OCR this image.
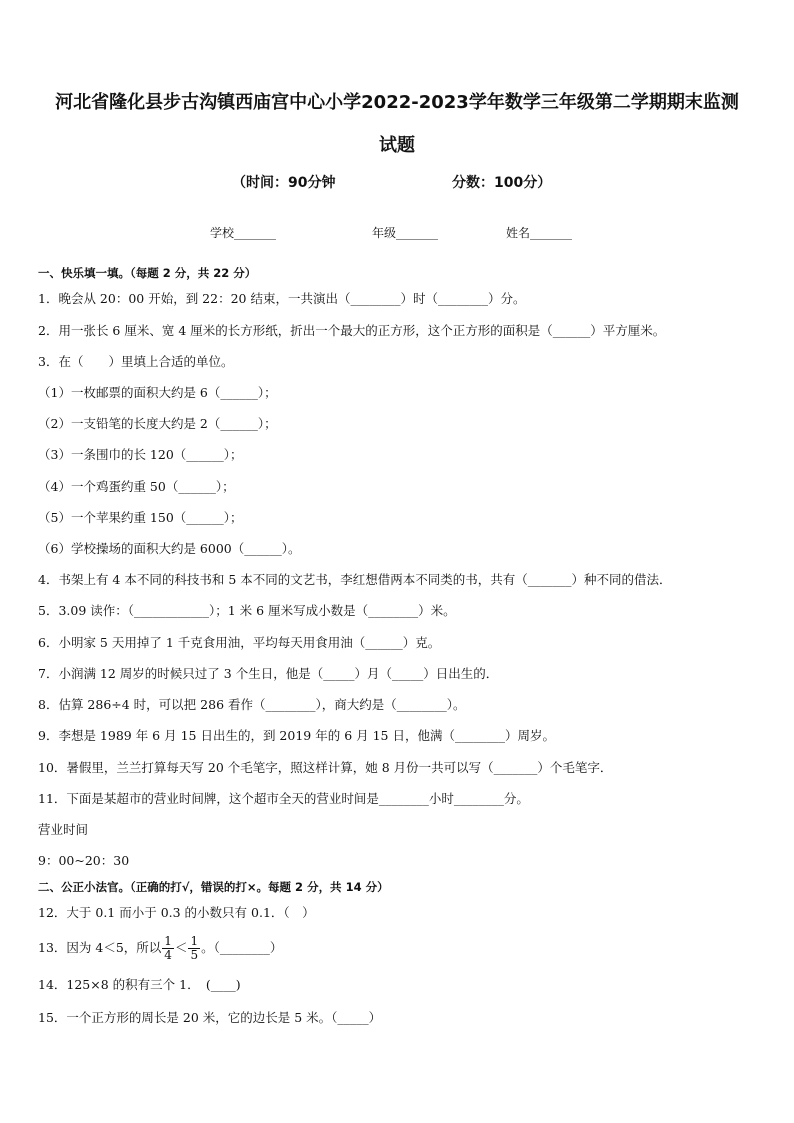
河北省隆化县步古沟镇西庙宫中心小学2022-2023学年数学三年级第二学期期末监测
试题
（时间：90分钟	分数：100分）
学校_______	年级_______	姓名_______
一、快乐填一填。（每题 2 分，共 22 分）
1．晚会从 20：00 开始，到 22：20 结束，一共演出（________）时（________）分。
2．用一张长 6 厘米、宽 4 厘米的长方形纸，折出一个最大的正方形，这个正方形的面积是（______）平方厘米。
3．在（　　）里填上合适的单位。
（1）一枚邮票的面积大约是 6（______）；
（2）一支铅笔的长度大约是 2（______）；
（3）一条围巾的长 120（______）；
（4）一个鸡蛋约重 50（______）；
（5）一个苹果约重 150（______）；
（6）学校操场的面积大约是 6000（______）。
4．书架上有 4 本不同的科技书和 5 本不同的文艺书，李红想借两本不同类的书，共有（_______）种不同的借法．
5．3.09 读作：（____________）；1 米 6 厘米写成小数是（________）米。
6．小明家 5 天用掉了 1 千克食用油，平均每天用食用油（______）克。
7．小润满 12 周岁的时候只过了 3 个生日，他是（_____）月（_____）日出生的．
8．估算 286÷4 时，可以把 286 看作（________），商大约是（________）。
9．李想是 1989 年 6 月 15 日出生的，到 2019 年的 6 月 15 日，他满（________）周岁。
10．暑假里，兰兰打算每天写 20 个毛笔字，照这样计算，她 8 月份一共可以写（_______）个毛笔字．
11．下面是某超市的营业时间牌，这个超市全天的营业时间是________小时________分。
营业时间
9：00~20：30
二、公正小法官。（正确的打√，错误的打×。每题 2 分，共 14 分）
12．大于 0.1 而小于 0.3 的小数只有 0.1．（　）
13．因为 4＜5，所以 $\frac{1}{4} < \frac{1}{5}$ 。（________）
14．125×8 的积有三个 1．　(____)
15．一个正方形的周长是 20 米，它的边长是 5 米。（_____）
